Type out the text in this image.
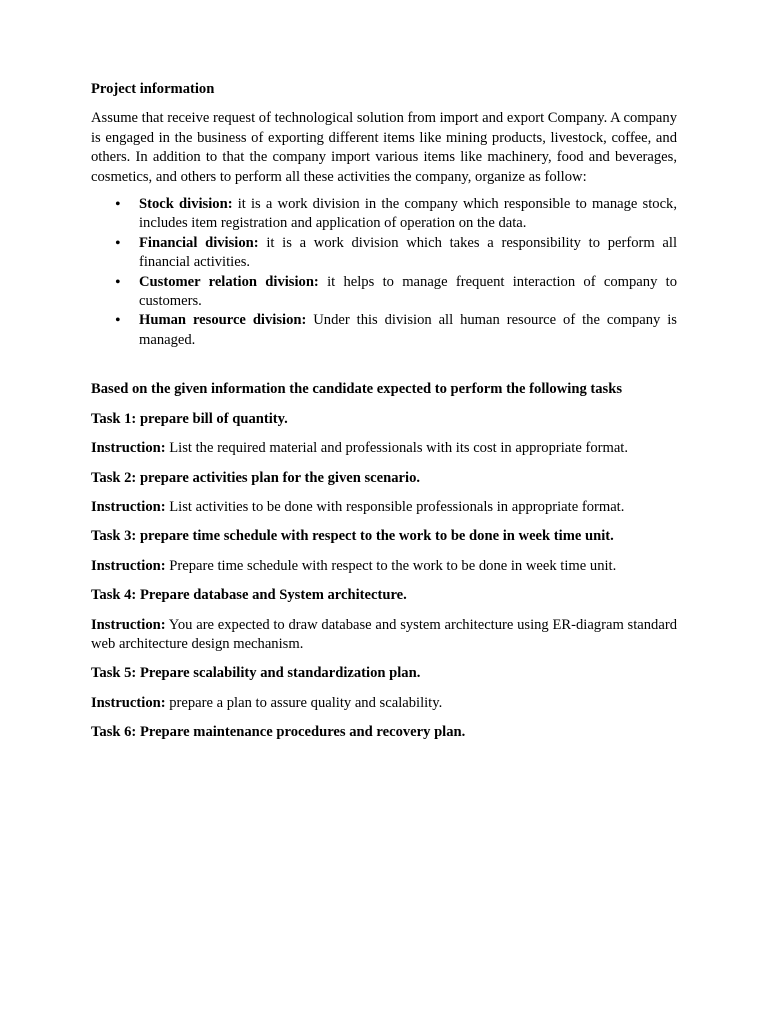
Project information

Assume that receive request of technological solution from import and export Company. A company is engaged in the business of exporting different items like mining products, livestock, coffee, and others. In addition to that the company import various items like machinery, food and beverages, cosmetics, and others to perform all these activities the company, organize as follow:

• Stock division: it is a work division in the company which responsible to manage stock, includes item registration and application of operation on the data.
• Financial division: it is a work division which takes a responsibility to perform all financial activities.
• Customer relation division: it helps to manage frequent interaction of company to customers.
• Human resource division: Under this division all human resource of the company is managed.

Based on the given information the candidate expected to perform the following tasks

Task 1: prepare bill of quantity.

Instruction: List the required material and professionals with its cost in appropriate format.

Task 2: prepare activities plan for the given scenario.

Instruction: List activities to be done with responsible professionals in appropriate format.

Task 3: prepare time schedule with respect to the work to be done in week time unit.

Instruction: Prepare time schedule with respect to the work to be done in week time unit.

Task 4: Prepare database and System architecture.

Instruction: You are expected to draw database and system architecture using ER-diagram standard web architecture design mechanism.

Task 5: Prepare scalability and standardization plan.

Instruction: prepare a plan to assure quality and scalability.

Task 6: Prepare maintenance procedures and recovery plan.
